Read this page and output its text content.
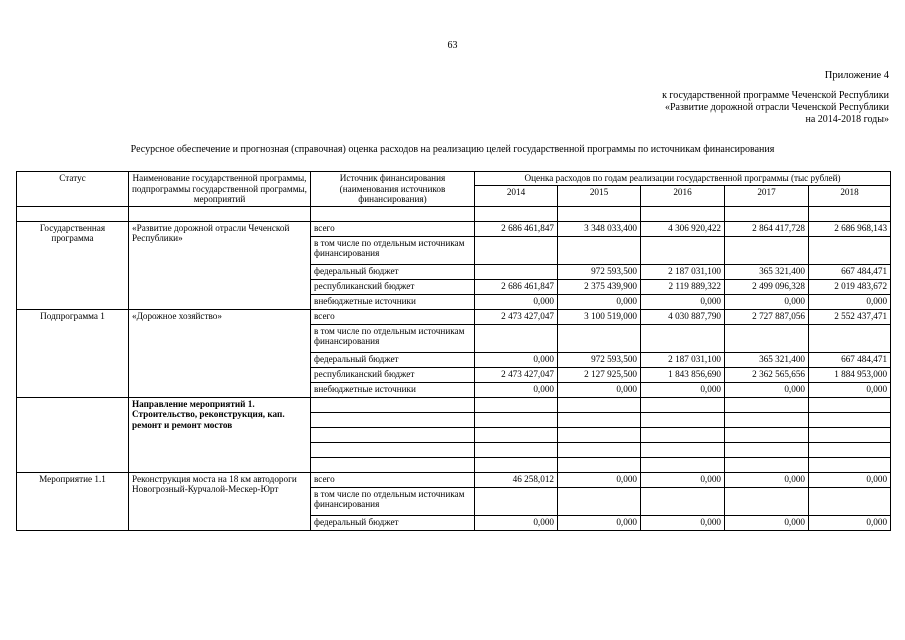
63
Приложение 4
к государственной программе Чеченской Республики
«Развитие дорожной отрасли Чеченской Республики
на 2014-2018 годы»
Ресурсное обеспечение и прогнозная (справочная) оценка расходов на реализацию целей государственной программы по источникам финансирования
Статус	Наименование государственной программы, подпрограммы государственной программы, мероприятий	Источник финансирования (наименования источников финансирования)	Оценка расходов по годам реализации государственной программы (тыс рублей)				
			2014	2015	2016	2017	2018

Государственная программа	«Развитие дорожной отрасли Чеченской Республики»	всего	2 686 461,847	3 348 033,400	4 306 920,422	2 864 417,728	2 686 968,143
		в том числе по отдельным источникам финансирования					
		федеральный бюджет		972 593,500	2 187 031,100	365 321,400	667 484,471
		республиканский бюджет	2 686 461,847	2 375 439,900	2 119 889,322	2 499 096,328	2 019 483,672
		внебюджетные источники	0,000	0,000	0,000	0,000	0,000
Подпрограмма 1	«Дорожное хозяйство»	всего	2 473 427,047	3 100 519,000	4 030 887,790	2 727 887,056	2 552 437,471
		в том числе по отдельным источникам финансирования					
		федеральный бюджет	0,000	972 593,500	2 187 031,100	365 321,400	667 484,471
		республиканский бюджет	2 473 427,047	2 127 925,500	1 843 856,690	2 362 565,656	1 884 953,000
		внебюджетные источники	0,000	0,000	0,000	0,000	0,000
	Направление мероприятий 1. Строительство, реконструкция, кап. ремонт и ремонт мостов						

Мероприятие 1.1	Реконструкция моста на 18 км автодороги Новогрозный-Курчалой-Мескер-Юрт	всего	46 258,012	0,000	0,000	0,000	0,000
		в том числе по отдельным источникам финансирования					
		федеральный бюджет	0,000	0,000	0,000	0,000	0,000
